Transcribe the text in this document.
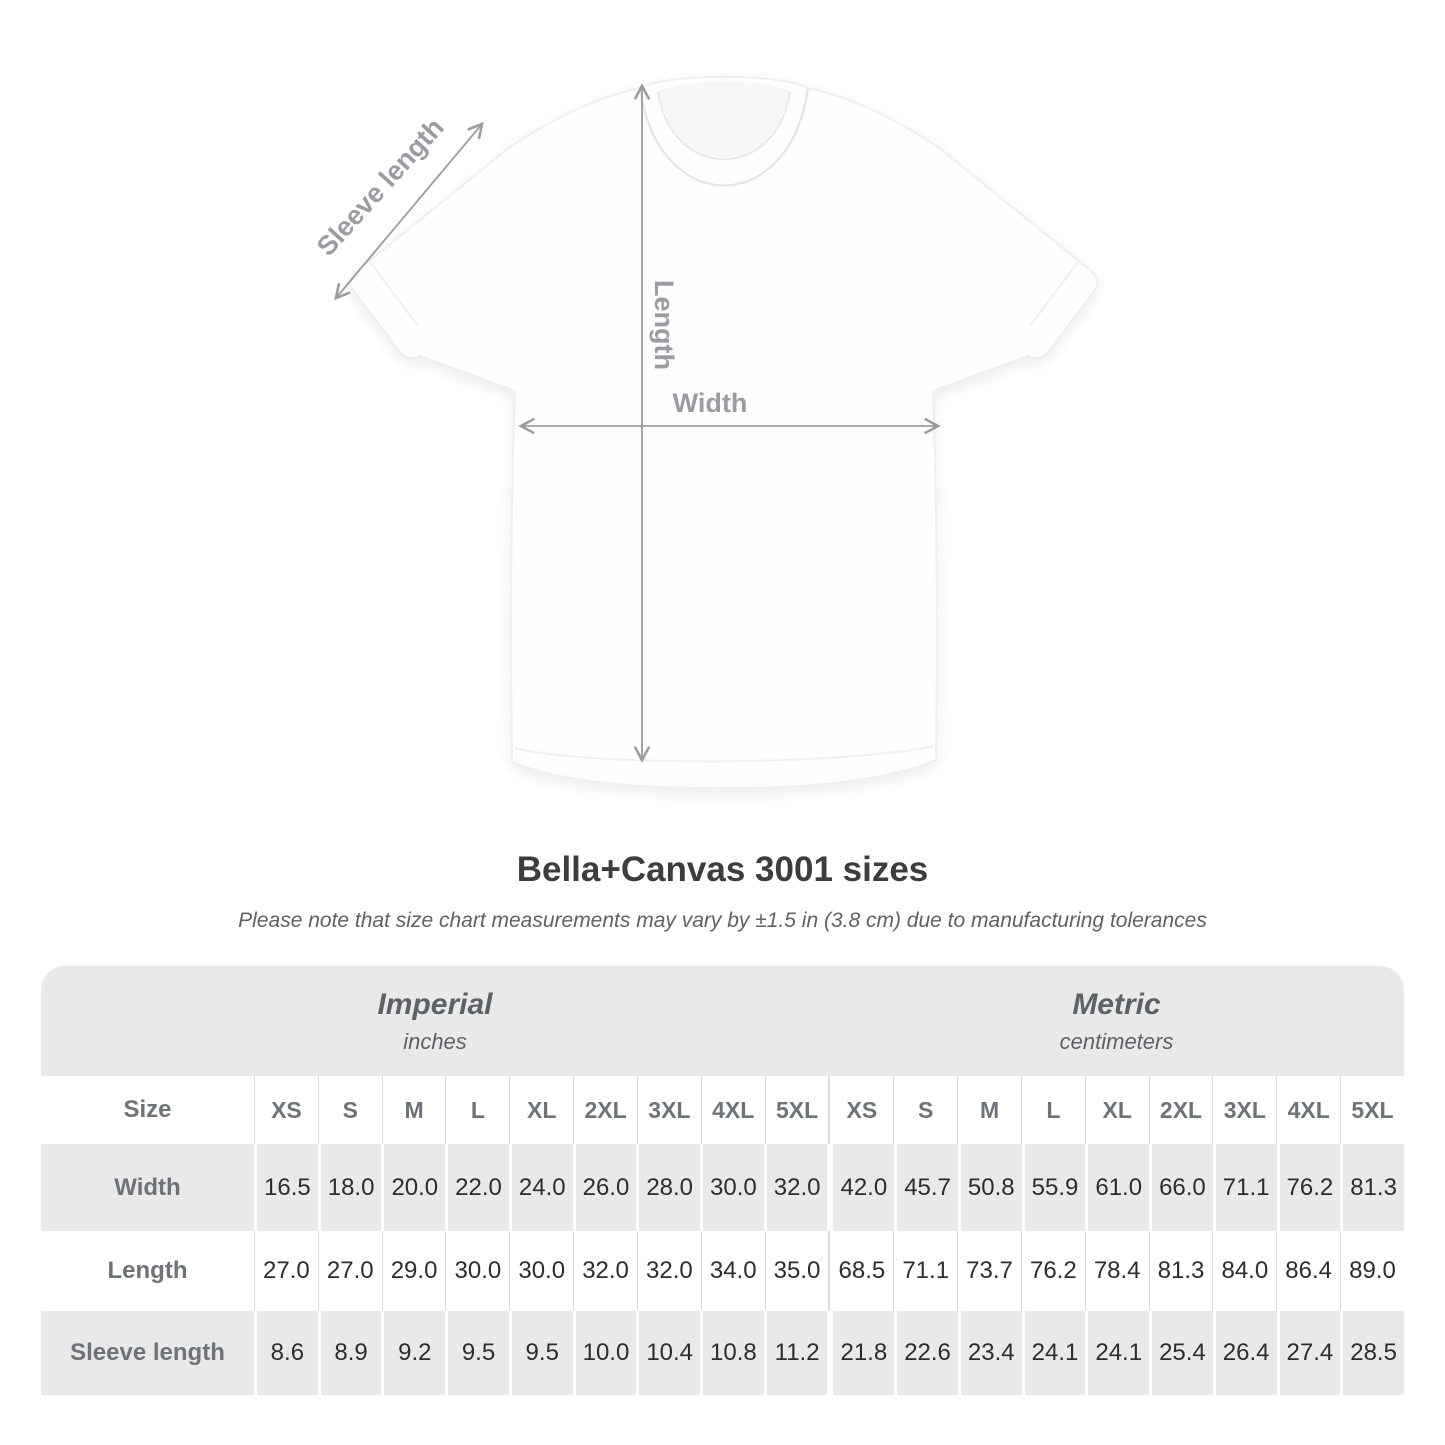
Sleeve length
Length
Width
Bella+Canvas 3001 sizes
Please note that size chart measurements may vary by ±1.5 in (3.8 cm) due to manufacturing tolerances
Imperial
inches
Metric
centimeters
Size	XS	S	M	L	XL	2XL 3XL 4XL 5XL	XS	S	M	L	XL	2XL 3XL 4XL 5XL
Width	16.5 18.0 20.0 22.0 24.0 26.0 28.0 30.0 32.0 42.0 45.7 50.8 55.9 61.0 66.0 71.1 76.2 81.3
Length	27.0 27.0 29.0 30.0 30.0 32.0 32.0 34.0 35.0 68.5 71.1 73.7 76.2 78.4 81.3 84.0 86.4 89.0
Sleeve length	8.6	8.9	9.2	9.5	9.5 10.0 10.4 10.8 11.2 21.8 22.6 23.4 24.1 24.1 25.4 26.4 27.4 28.5
